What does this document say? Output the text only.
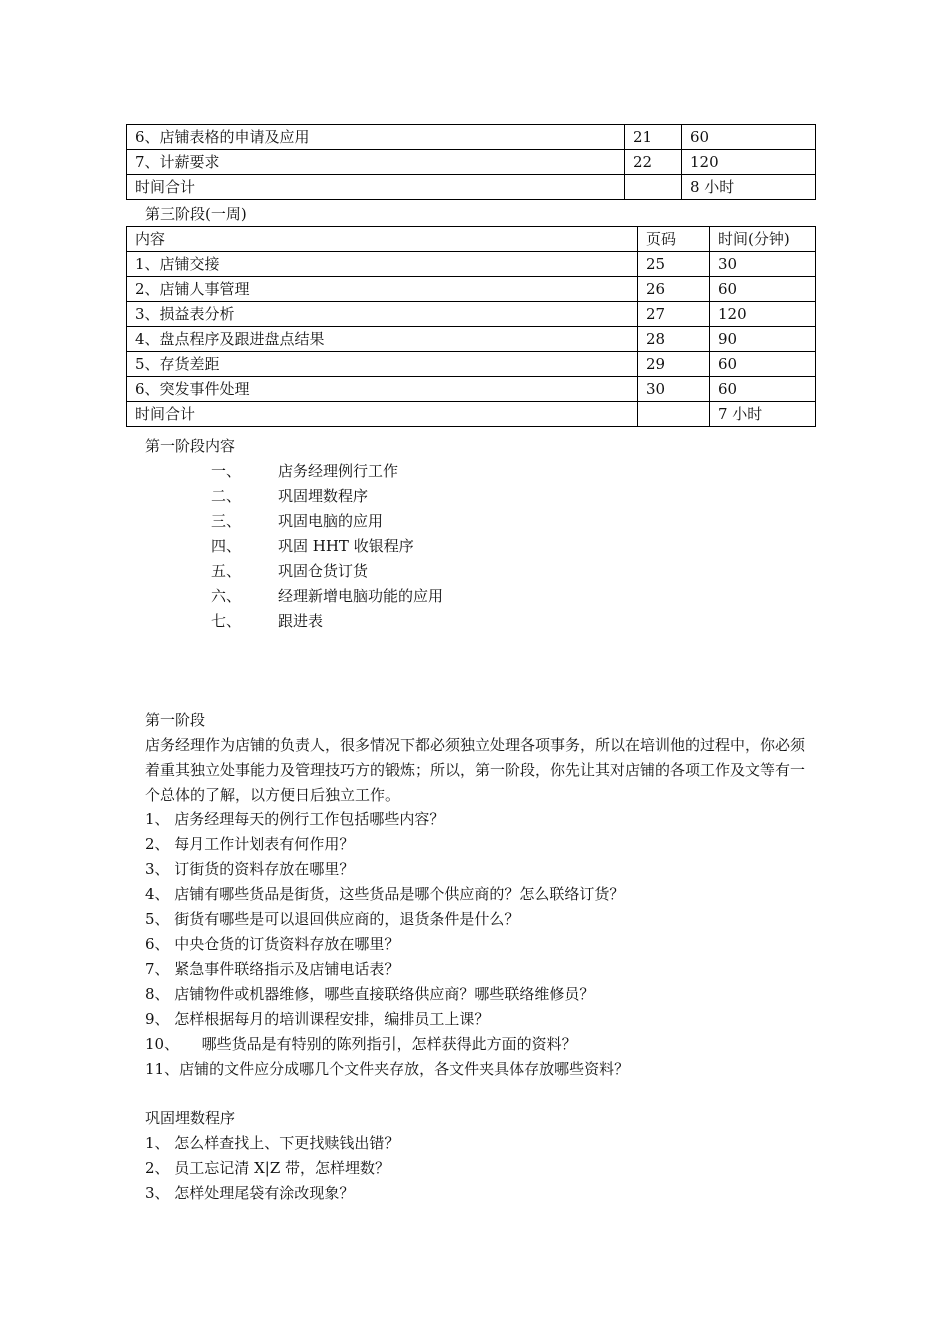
6、店铺表格的申请及应用	21	60
7、计薪要求	22	120
时间合计		8 小时
第三阶段(一周)
内容	页码	时间(分钟)
1、店铺交接	25	30
2、店铺人事管理	26	60
3、损益表分析	27	120
4、盘点程序及跟进盘点结果	28	90
5、存货差距	29	60
6、突发事件处理	30	60
时间合计		7 小时
第一阶段内容
一、 店务经理例行工作
二、 巩固埋数程序
三、 巩固电脑的应用
四、 巩固 HHT 收银程序
五、 巩固仓货订货
六、 经理新增电脑功能的应用
七、 跟进表
第一阶段
店务经理作为店铺的负责人，很多情况下都必须独立处理各项事务，所以在培训他的过程中，你必须着重其独立处事能力及管理技巧方的锻炼；所以，第一阶段，你先让其对店铺的各项工作及文等有一个总体的了解，以方便日后独立工作。
1、 店务经理每天的例行工作包括哪些内容？
2、 每月工作计划表有何作用？
3、 订街货的资料存放在哪里？
4、 店铺有哪些货品是街货，这些货品是哪个供应商的？怎么联络订货？
5、 街货有哪些是可以退回供应商的，退货条件是什么？
6、 中央仓货的订货资料存放在哪里？
7、 紧急事件联络指示及店铺电话表？
8、 店铺物件或机器维修，哪些直接联络供应商？哪些联络维修员？
9、 怎样根据每月的培训课程安排，编排员工上课？
10、　　哪些货品是有特别的陈列指引，怎样获得此方面的资料？
11、店铺的文件应分成哪几个文件夹存放，各文件夹具体存放哪些资料？
巩固埋数程序
1、 怎么样查找上、下更找赎钱出错？
2、 员工忘记清 X|Z 带，怎样埋数？
3、 怎样处理尾袋有涂改现象？
